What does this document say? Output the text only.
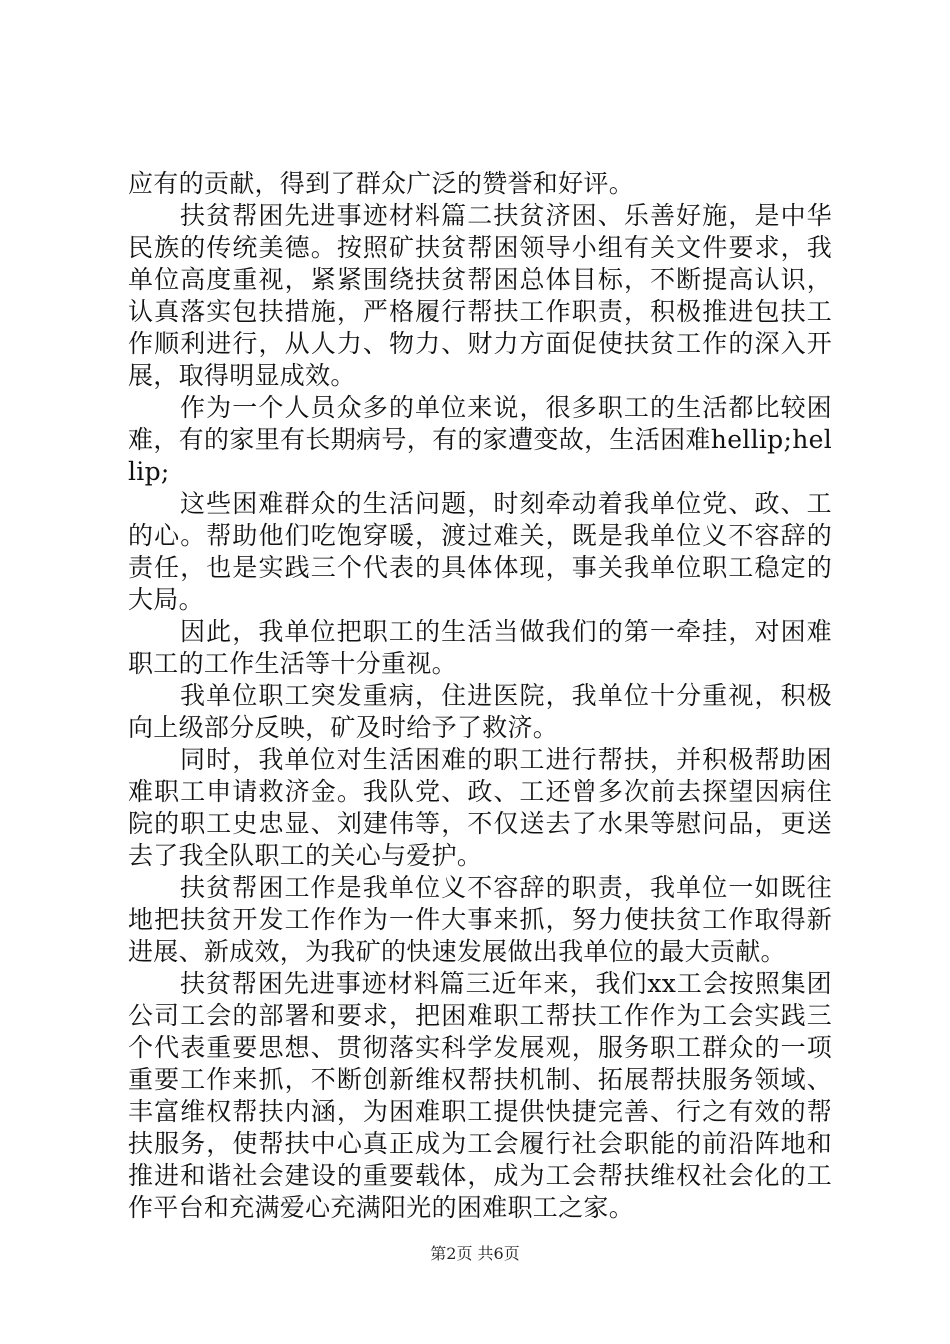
应有的贡献，得到了群众广泛的赞誉和好评。

扶贫帮困先进事迹材料篇二扶贫济困、乐善好施，是中华民族的传统美德。按照矿扶贫帮困领导小组有关文件要求，我单位高度重视，紧紧围绕扶贫帮困总体目标，不断提高认识，认真落实包扶措施，严格履行帮扶工作职责，积极推进包扶工作顺利进行，从人力、物力、财力方面促使扶贫工作的深入开展，取得明显成效。

作为一个人员众多的单位来说，很多职工的生活都比较困难，有的家里有长期病号，有的家遭变故，生活困难hellip;hellip;

这些困难群众的生活问题，时刻牵动着我单位党、政、工的心。帮助他们吃饱穿暖，渡过难关，既是我单位义不容辞的责任，也是实践三个代表的具体体现，事关我单位职工稳定的大局。

因此，我单位把职工的生活当做我们的第一牵挂，对困难职工的工作生活等十分重视。

我单位职工突发重病，住进医院，我单位十分重视，积极向上级部分反映，矿及时给予了救济。

同时，我单位对生活困难的职工进行帮扶，并积极帮助困难职工申请救济金。我队党、政、工还曾多次前去探望因病住院的职工史忠显、刘建伟等，不仅送去了水果等慰问品，更送去了我全队职工的关心与爱护。

扶贫帮困工作是我单位义不容辞的职责，我单位一如既往地把扶贫开发工作作为一件大事来抓，努力使扶贫工作取得新进展、新成效，为我矿的快速发展做出我单位的最大贡献。

扶贫帮困先进事迹材料篇三近年来，我们xx工会按照集团公司工会的部署和要求，把困难职工帮扶工作作为工会实践三个代表重要思想、贯彻落实科学发展观，服务职工群众的一项重要工作来抓，不断创新维权帮扶机制、拓展帮扶服务领域、丰富维权帮扶内涵，为困难职工提供快捷完善、行之有效的帮扶服务，使帮扶中心真正成为工会履行社会职能的前沿阵地和推进和谐社会建设的重要载体，成为工会帮扶维权社会化的工作平台和充满爱心充满阳光的困难职工之家。

第2页 共6页
